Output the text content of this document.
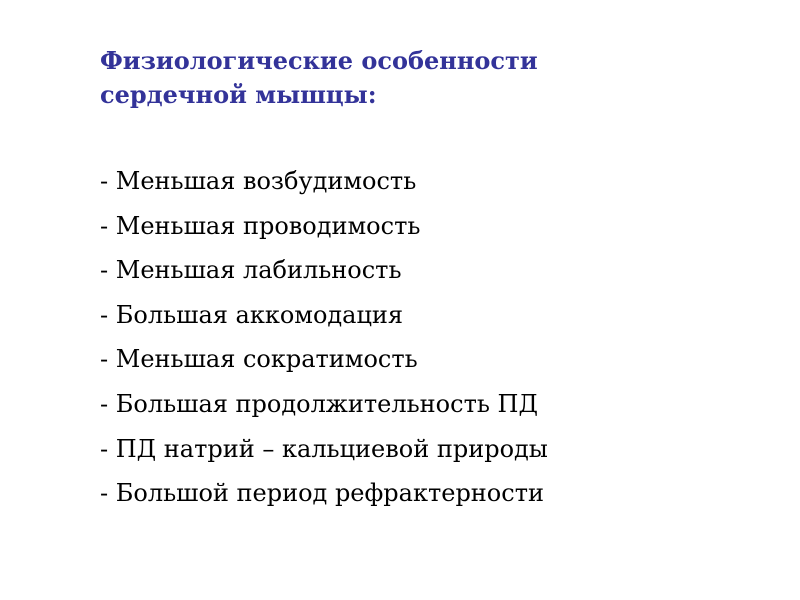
Физиологические особенности
сердечной мышцы:
- Меньшая возбудимость
- Меньшая проводимость
- Меньшая лабильность
- Большая аккомодация
- Меньшая сократимость
- Большая продолжительность ПД
- ПД натрий – кальциевой природы
- Большой период рефрактерности
